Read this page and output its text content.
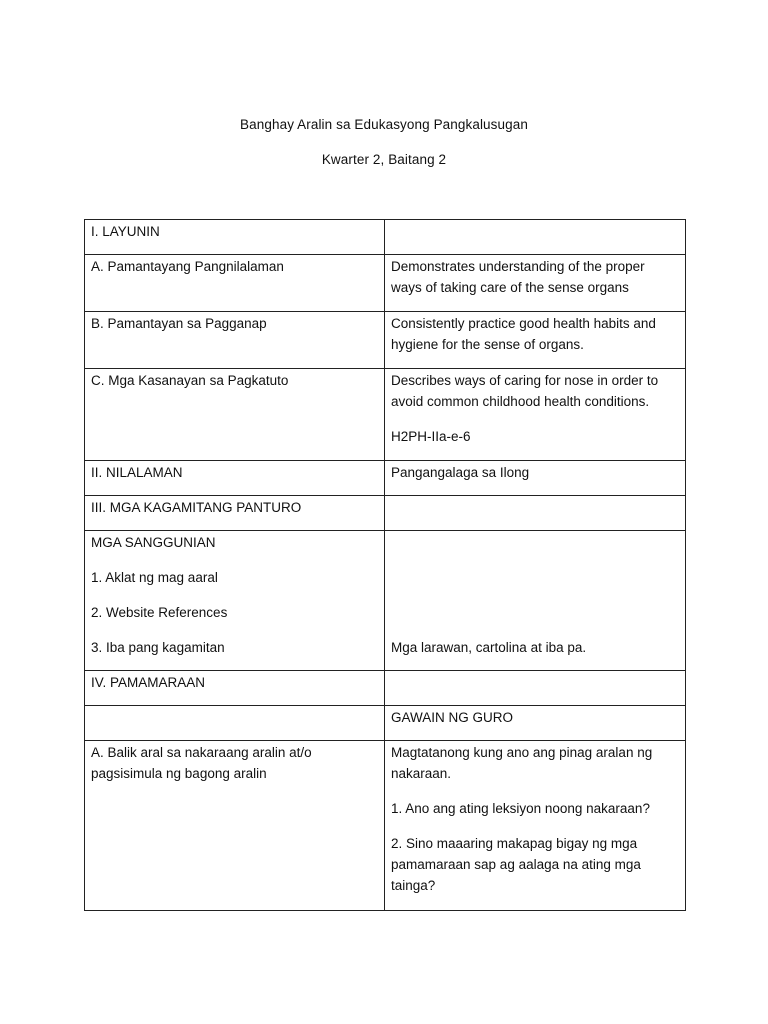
Banghay Aralin sa Edukasyong Pangkalusugan
Kwarter 2, Baitang 2
I. LAYUNIN	
A. Pamantayang Pangnilalaman	Demonstrates understanding of the proper ways of taking care of the sense organs
B. Pamantayan sa Pagganap	Consistently practice good health habits and hygiene for the sense of organs.
C. Mga Kasanayan sa Pagkatuto	Describes ways of caring for nose in order to avoid common childhood health conditions.
H2PH-IIa-e-6

II. NILALAMAN	Pangangalaga sa Ilong
III. MGA KAGAMITANG PANTURO	

MGA SANGGUNIAN
1. Aklat ng mag aaral
2. Website References
3. Iba pang kagamitan	Mga larawan, cartolina at iba pa.

IV. PAMAMARAAN	
	GAWAIN NG GURO
A. Balik aral sa nakaraang aralin at/o pagsisimula ng bagong aralin	Magtatanong kung ano ang pinag aralan ng nakaraan.
1. Ano ang ating leksiyon noong nakaraan?
2. Sino maaaring makapag bigay ng mga pamamaraan sap ag aalaga na ating mga tainga?
